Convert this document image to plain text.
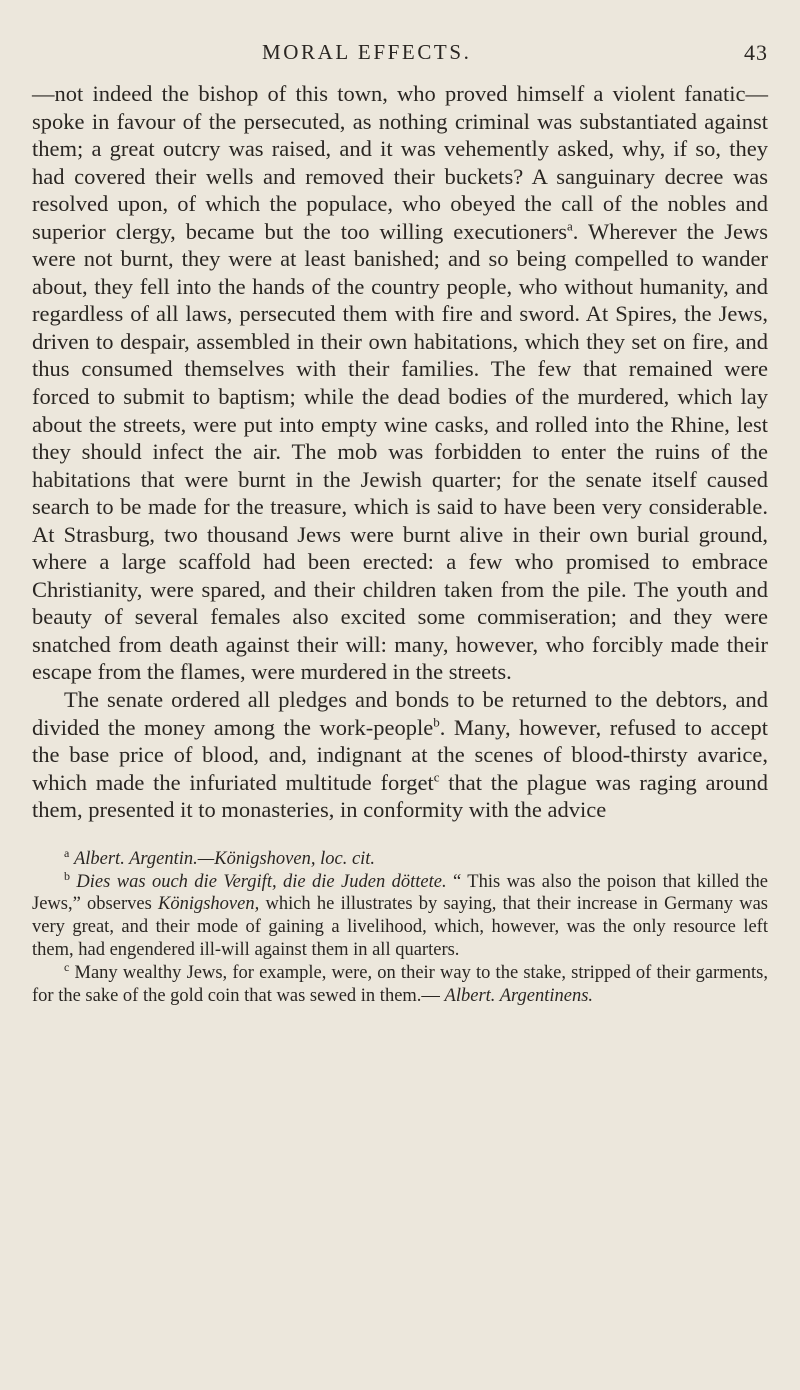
MORAL EFFECTS.	43

—not indeed the bishop of this town, who proved himself a violent fanatic—spoke in favour of the persecuted, as nothing criminal was substantiated against them; a great outcry was raised, and it was vehemently asked, why, if so, they had covered their wells and removed their buckets? A sanguinary decree was resolved upon, of which the populace, who obeyed the call of the nobles and superior clergy, became but the too willing executioners$^a$. Wherever the Jews were not burnt, they were at least banished; and so being compelled to wander about, they fell into the hands of the country people, who without humanity, and regardless of all laws, persecuted them with fire and sword. At Spires, the Jews, driven to despair, assembled in their own habitations, which they set on fire, and thus consumed themselves with their families. The few that remained were forced to submit to baptism; while the dead bodies of the murdered, which lay about the streets, were put into empty wine casks, and rolled into the Rhine, lest they should infect the air. The mob was forbidden to enter the ruins of the habitations that were burnt in the Jewish quarter; for the senate itself caused search to be made for the treasure, which is said to have been very considerable. At Strasburg, two thousand Jews were burnt alive in their own burial ground, where a large scaffold had been erected: a few who promised to embrace Christianity, were spared, and their children taken from the pile. The youth and beauty of several females also excited some commiseration; and they were snatched from death against their will: many, however, who forcibly made their escape from the flames, were murdered in the streets.

The senate ordered all pledges and bonds to be returned to the debtors, and divided the money among the work-people$^b$. Many, however, refused to accept the base price of blood, and, indignant at the scenes of blood-thirsty avarice, which made the infuriated multitude forget$^c$ that the plague was raging around them, presented it to monasteries, in conformity with the advice

$^a$ Albert. Argentin.—Königshoven, loc. cit.

$^b$ Dies was ouch die Vergift, die die Juden döttete. “ This was also the poison that killed the Jews,” observes Königshoven, which he illustrates by saying, that their increase in Germany was very great, and their mode of gaining a livelihood, which, however, was the only resource left them, had engendered ill-will against them in all quarters.

$^c$ Many wealthy Jews, for example, were, on their way to the stake, stripped of their garments, for the sake of the gold coin that was sewed in them.— Albert. Argentinens.
